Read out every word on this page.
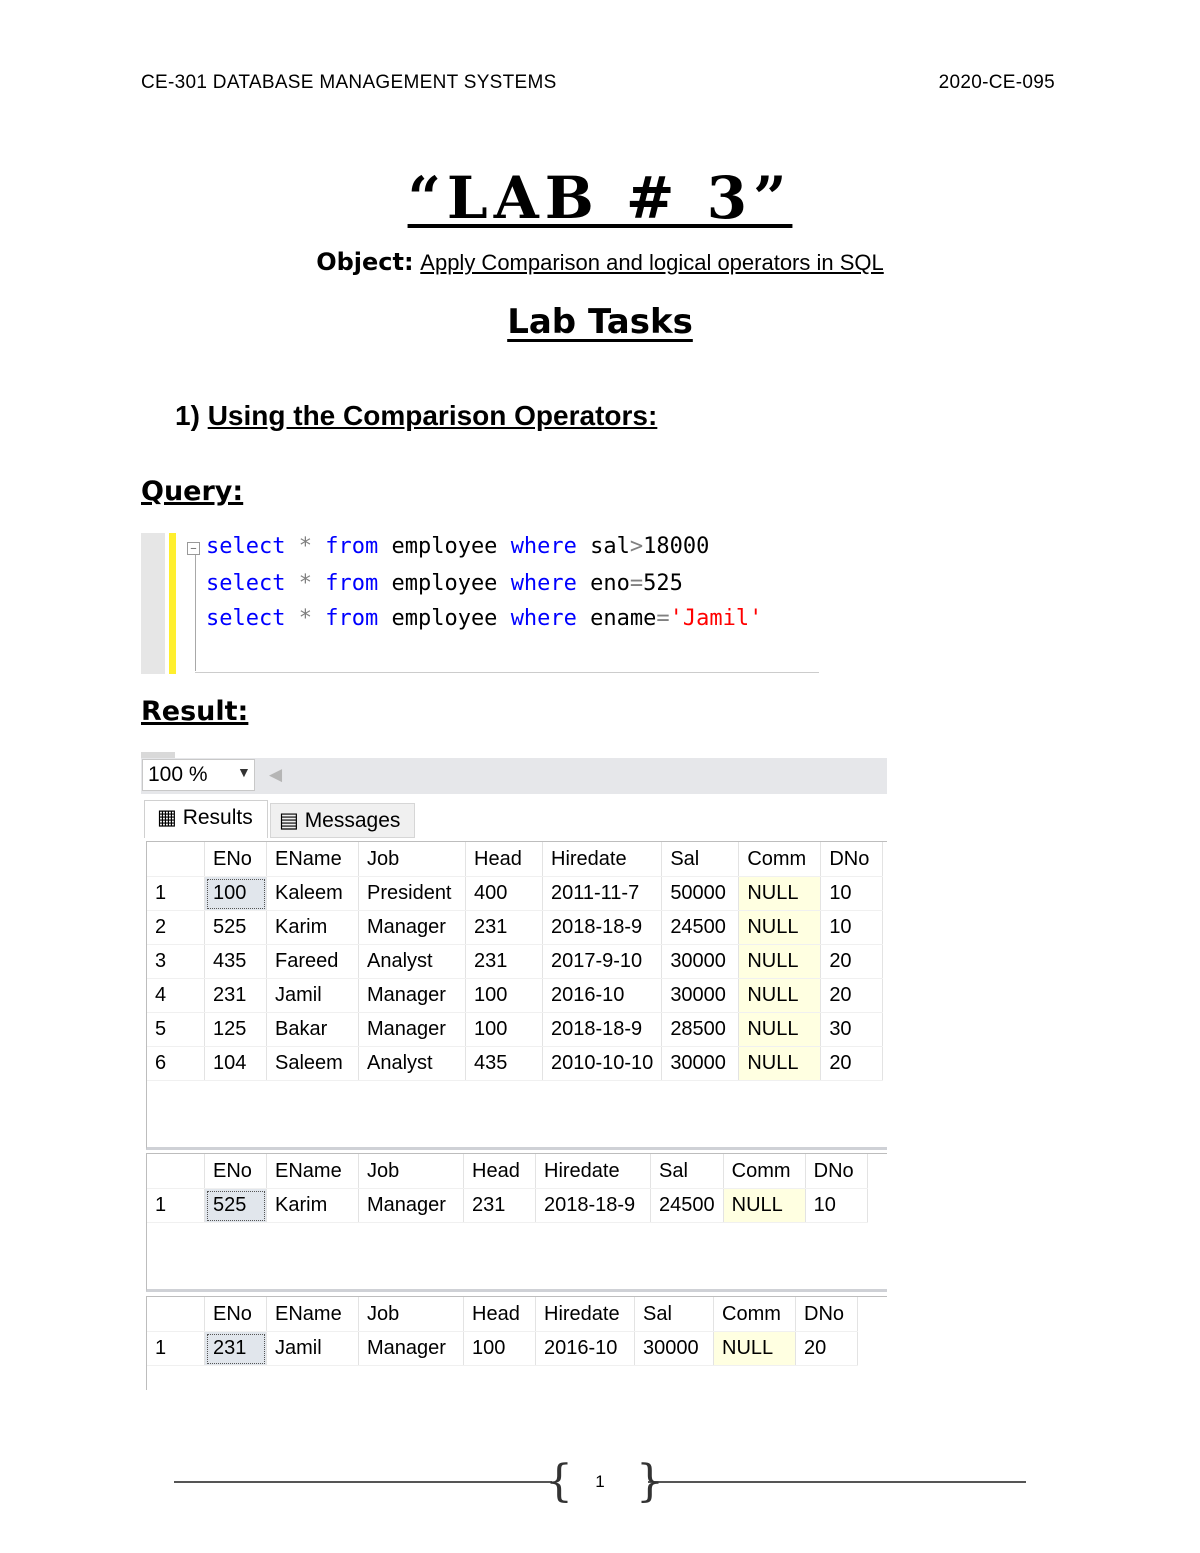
CE-301 DATABASE MANAGEMENT SYSTEMS	2020-CE-095
“LAB # 3”
Object: Apply Comparison and logical operators in SQL
Lab Tasks
1) Using the Comparison Operators:
Query:
− select * from employee where sal>18000
select * from employee where eno=525
select * from employee where ename='Jamil'
Result:
100 %	▼ ◀
▦ Results	▤ Messages
	ENo	EName	Job	Head	Hiredate	Sal	Comm	DNo
1	100	Kaleem	President	400	2011-11-7	50000	NULL	10
2	525	Karim	Manager	231	2018-18-9	24500	NULL	10
3	435	Fareed	Analyst	231	2017-9-10	30000	NULL	20
4	231	Jamil	Manager	100	2016-10	30000	NULL	20
5	125	Bakar	Manager	100	2018-18-9	28500	NULL	30
6	104	Saleem	Analyst	435	2010-10-10	30000	NULL	20
	ENo	EName	Job	Head	Hiredate	Sal	Comm	DNo
1	525	Karim	Manager	231	2018-18-9	24500	NULL	10
	ENo	EName	Job	Head	Hiredate	Sal	Comm	DNo
1	231	Jamil	Manager	100	2016-10	30000	NULL	20
{ }
1
